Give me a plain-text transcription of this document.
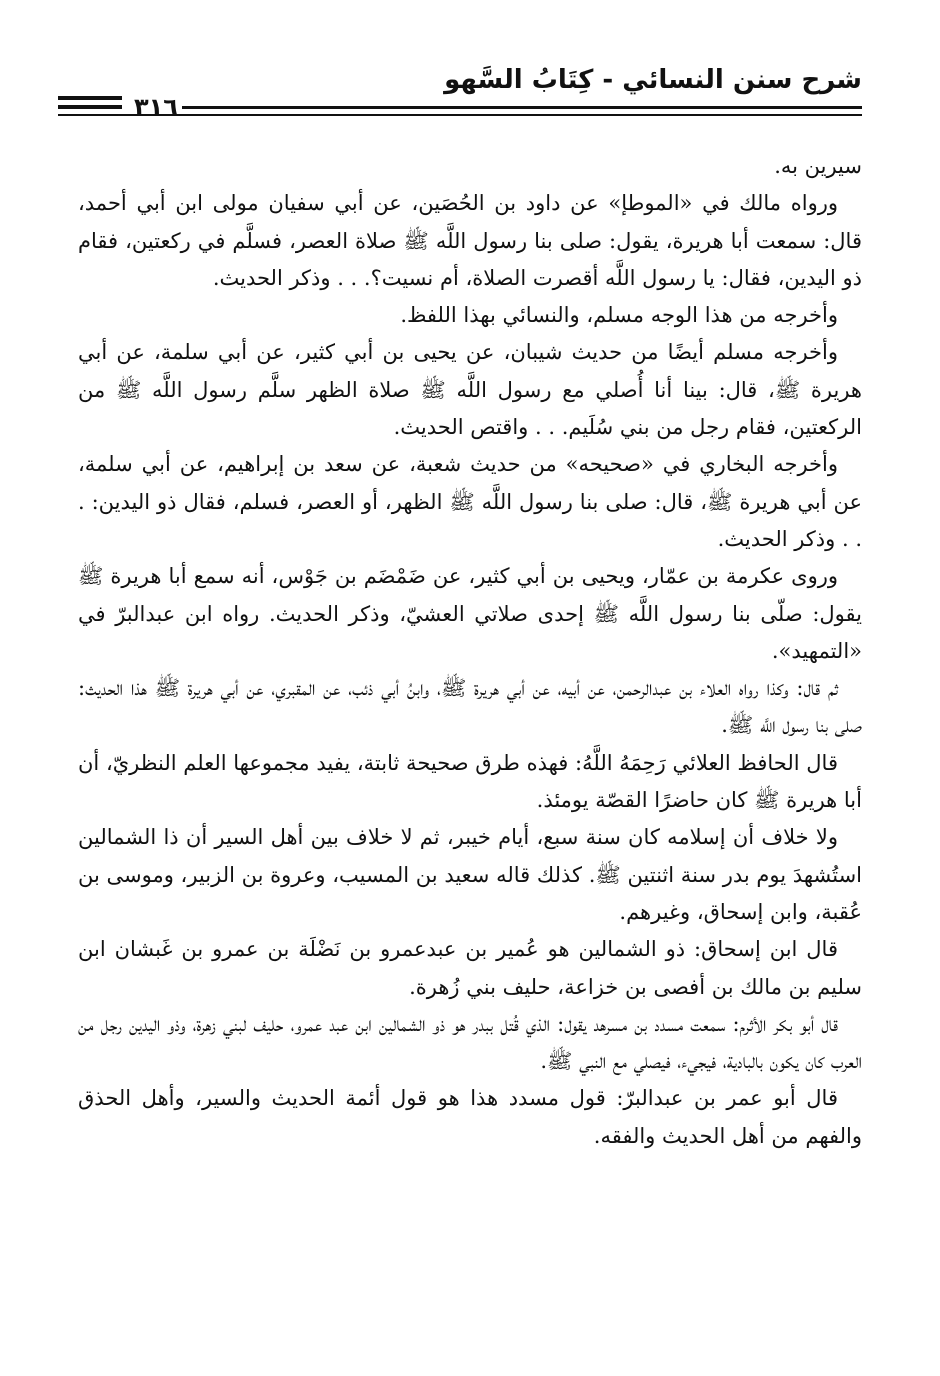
شرح سنن النسائي - كِتَابُ السَّهو
٣١٦

سيرين به.

ورواه مالك في «الموطإ» عن داود بن الحُصَين، عن أبي سفيان مولى ابن أبي أحمد، قال: سمعت أبا هريرة، يقول: صلى بنا رسول اللَّه ﷺ صلاة العصر، فسلَّم في ركعتين، فقام ذو اليدين، فقال: يا رسول اللَّه أقصرت الصلاة، أم نسيت؟. . . وذكر الحديث.

وأخرجه من هذا الوجه مسلم، والنسائي بهذا اللفظ.

وأخرجه مسلم أيضًا من حديث شيبان، عن يحيى بن أبي كثير، عن أبي سلمة، عن أبي هريرة ﷺ، قال: بينا أنا أُصلي مع رسول اللَّه ﷺ صلاة الظهر سلَّم رسول اللَّه ﷺ من الركعتين، فقام رجل من بني سُلَيم. . . واقتص الحديث.

وأخرجه البخاري في «صحيحه» من حديث شعبة، عن سعد بن إبراهيم، عن أبي سلمة، عن أبي هريرة ﷺ، قال: صلى بنا رسول اللَّه ﷺ الظهر، أو العصر، فسلم، فقال ذو اليدين: . . . وذكر الحديث.

وروى عكرمة بن عمّار، ويحيى بن أبي كثير، عن ضَمْضَم بن جَوْس، أنه سمع أبا هريرة ﷺ يقول: صلّى بنا رسول اللَّه ﷺ إحدى صلاتي العشيّ، وذكر الحديث. رواه ابن عبدالبرّ في «التمهيد».

ثم قال: وكذا رواه العلاء بن عبدالرحمن، عن أبيه، عن أبي هريرة ﷺ، وابنُ أبي ذئب، عن المقبري، عن أبي هريرة ﷺ هذا الحديث: صلى بنا رسول اللَّه ﷺ.

قال الحافظ العلائي رَحِمَهُ اللَّهُ: فهذه طرق صحيحة ثابتة، يفيد مجموعها العلم النظريّ، أن أبا هريرة ﷺ كان حاضرًا القصّة يومئذ.

ولا خلاف أن إسلامه كان سنة سبع، أيام خيبر، ثم لا خلاف بين أهل السير أن ذا الشمالين استُشهدَ يوم بدر سنة اثنتين ﷺ. كذلك قاله سعيد بن المسيب، وعروة بن الزبير، وموسى بن عُقبة، وابن إسحاق، وغيرهم.

قال ابن إسحاق: ذو الشمالين هو عُمير بن عبدعمرو بن نَضْلَة بن عمرو بن غَبشان ابن سليم بن مالك بن أفصى بن خزاعة، حليف بني زُهرة.

قال أبو بكر الأثرم: سمعت مسدد بن مسرهد يقول: الذي قُتل ببدر هو ذو الشمالين ابن عبد عمرو، حليف لبني زهرة، وذو اليدين رجل من العرب كان يكون بالبادية، فيجيء، فيصلي مع النبي ﷺ.

قال أبو عمر بن عبدالبرّ: قول مسدد هذا هو قول أئمة الحديث والسير، وأهل الحذق والفهم من أهل الحديث والفقه.
